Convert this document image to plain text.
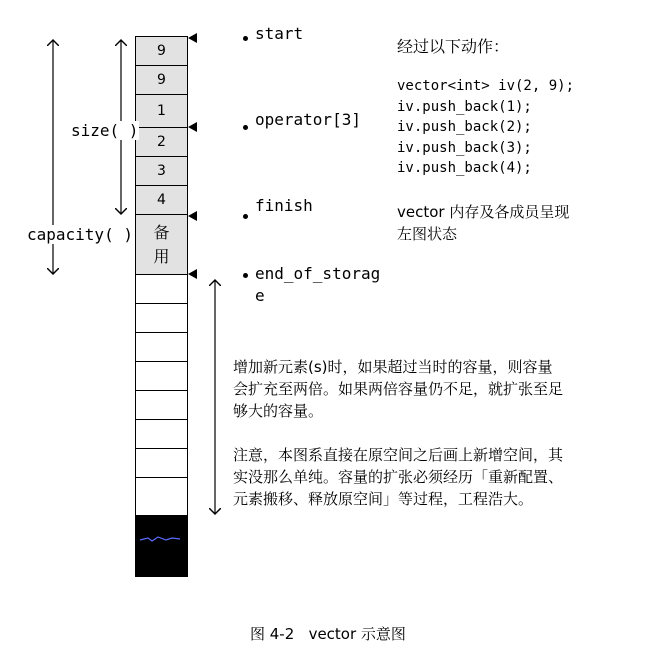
9
9
1
2
3
4
备
用
start
operator[3]
finish
end_of_storag
e
size( )
capacity( )
经过以下动作：
vector<int> iv(2, 9);
iv.push_back(1);
iv.push_back(2);
iv.push_back(3);
iv.push_back(4);
vector 内存及各成员呈现
左图状态
增加新元素(s)时，如果超过当时的容量，则容量
会扩充至两倍。如果两倍容量仍不足，就扩张至足
够大的容量。
注意，本图系直接在原空间之后画上新增空间，其
实没那么单纯。容量的扩张必须经历「重新配置、
元素搬移、释放原空间」等过程，工程浩大。
图 4-2   vector 示意图
